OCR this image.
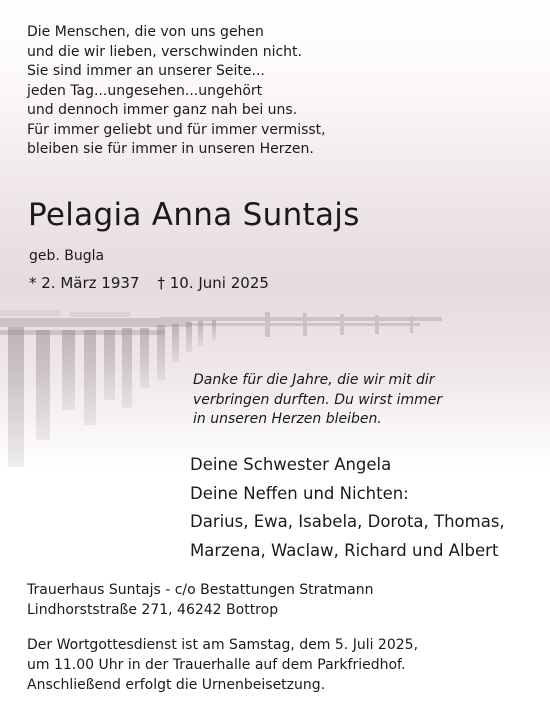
Die Menschen, die von uns gehen
und die wir lieben, verschwinden nicht.
Sie sind immer an unserer Seite...
jeden Tag...ungesehen...ungehört
und dennoch immer ganz nah bei uns.
Für immer geliebt und für immer vermisst,
bleiben sie für immer in unseren Herzen.
Pelagia Anna Suntajs
geb. Bugla
* 2. März 1937 † 10. Juni 2025
Danke für die Jahre, die wir mit dir
verbringen durften. Du wirst immer
in unseren Herzen bleiben.
Deine Schwester Angela
Deine Neffen und Nichten:
Darius, Ewa, Isabela, Dorota, Thomas,
Marzena, Waclaw, Richard und Albert
Trauerhaus Suntajs - c/o Bestattungen Stratmann
Lindhorststraße 271, 46242 Bottrop
Der Wortgottesdienst ist am Samstag, dem 5. Juli 2025,
um 11.00 Uhr in der Trauerhalle auf dem Parkfriedhof.
Anschließend erfolgt die Urnenbeisetzung.
